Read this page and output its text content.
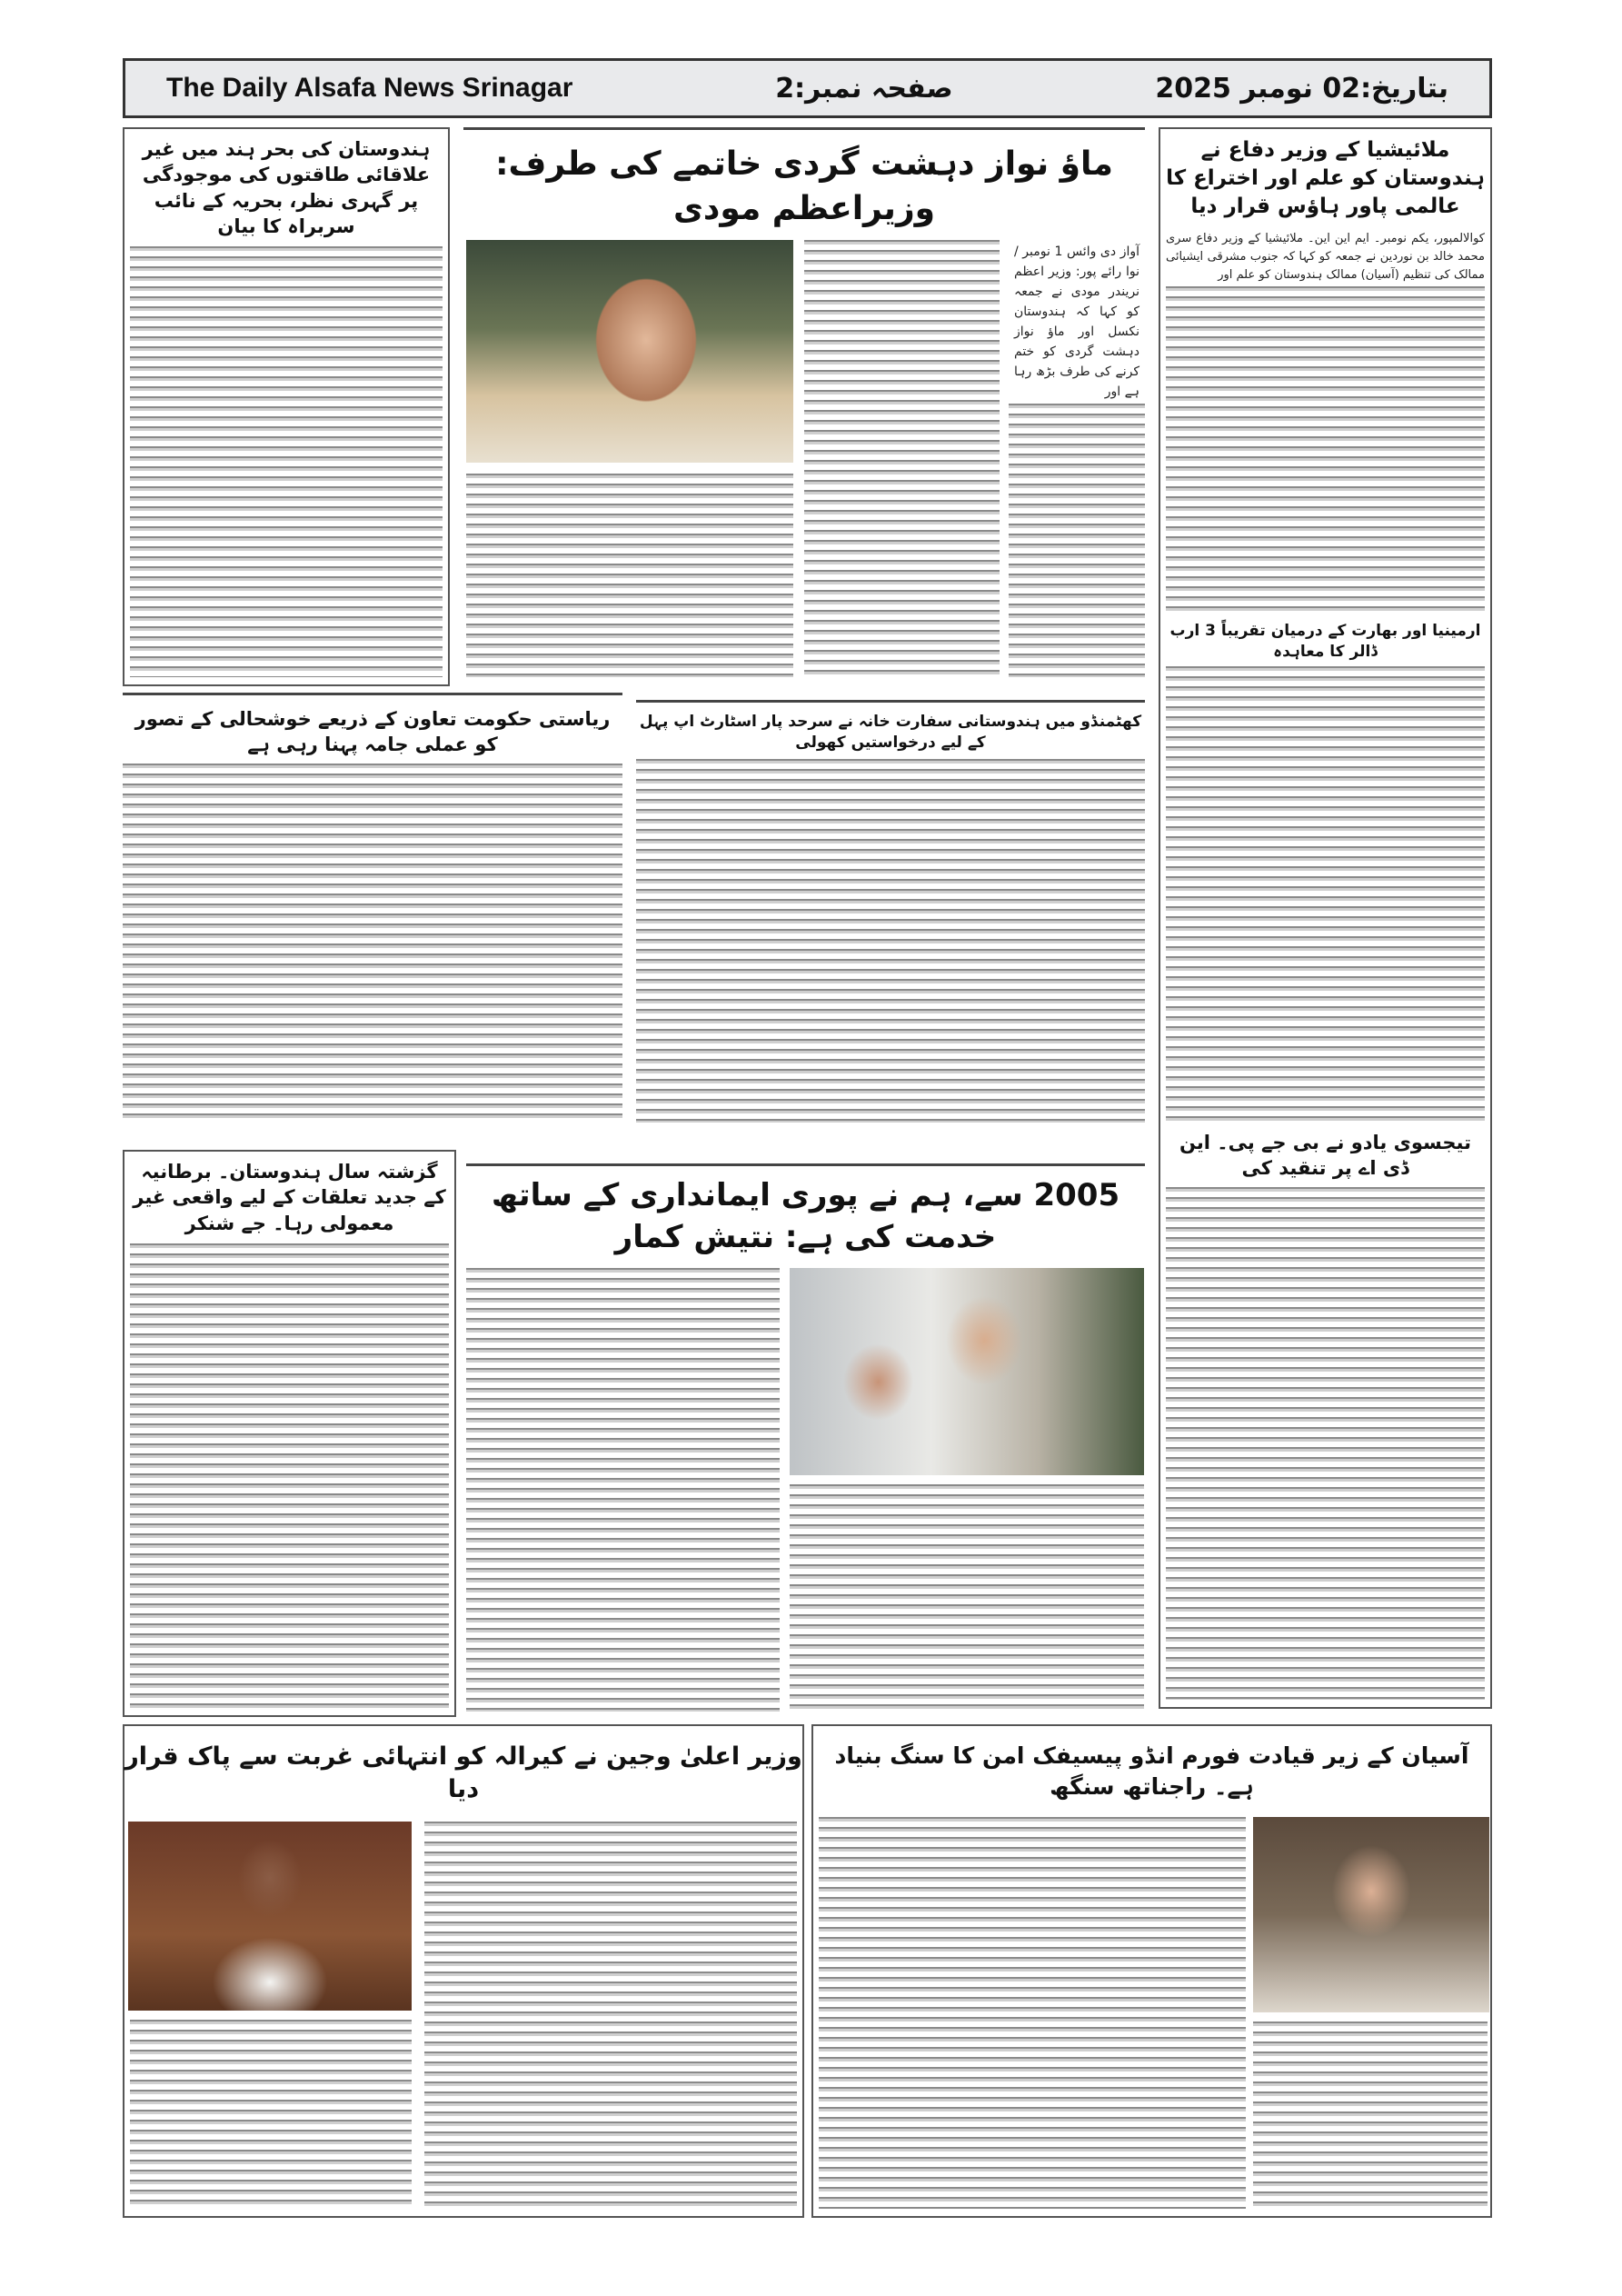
The Daily Alsafa News Srinagar	صفحہ نمبر:2	بتاریخ:02 نومبر 2025
ہندوستان کی بحر ہند میں غیر علاقائی طاقتوں کی موجودگی پر گہری نظر، بحریہ کے نائب سربراہ کا بیان
ماؤ نواز دہشت گردی خاتمے کی طرف: وزیراعظم مودی
آواز دی وائس 1 نومبر / نوا رائے پور: وزیر اعظم نریندر مودی نے جمعہ کو کہا کہ ہندوستان نکسل اور ماؤ نواز دہشت گردی کو ختم کرنے کی طرف بڑھ رہا ہے اور
ملائیشیا کے وزیر دفاع نے ہندوستان کو علم اور اختراع کا عالمی پاور ہاؤس قرار دیا
کوالالمپور، یکم نومبر۔ ایم این این۔ ملائیشیا کے وزیر دفاع سری محمد خالد بن نوردین نے جمعہ کو کہا کہ جنوب مشرقی ایشیائی ممالک کی تنظیم (آسیان) ممالک ہندوستان کو علم اور
ارمینیا اور بھارت کے درمیان تقریباً 3 ارب ڈالر کا معاہدہ
تیجسوی یادو نے بی جے پی۔ این ڈی اے پر تنقید کی
ریاستی حکومت تعاون کے ذریعے خوشحالی کے تصور کو عملی جامہ پہنا رہی ہے
کھٹمنڈو میں ہندوستانی سفارت خانہ نے سرحد پار اسٹارٹ اپ پہل کے لیے درخواستیں کھولی
گزشتہ سال ہندوستان۔ برطانیہ کے جدید تعلقات کے لیے واقعی غیر معمولی رہا۔ جے شنکر
2005 سے، ہم نے پوری ایمانداری کے ساتھ خدمت کی ہے: نتیش کمار
وزیر اعلیٰ وجین نے کیرالہ کو انتہائی غربت سے پاک قرار دیا
آسیان کے زیر قیادت فورم انڈو پیسیفک امن کا سنگ بنیاد ہے۔ راجناتھ سنگھ
